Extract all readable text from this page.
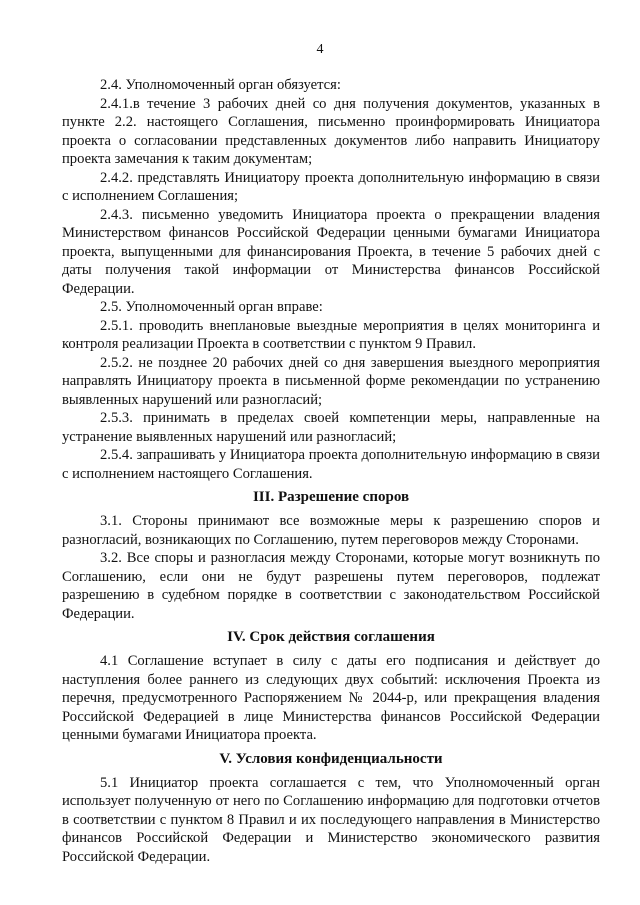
4

2.4. Уполномоченный орган обязуется:

2.4.1.в течение 3 рабочих дней со дня получения документов, указанных в пункте 2.2. настоящего Соглашения, письменно проинформировать Инициатора проекта о согласовании представленных документов либо направить Инициатору проекта замечания к таким документам;

2.4.2. представлять Инициатору проекта дополнительную информацию в связи с исполнением Соглашения;

2.4.3. письменно уведомить Инициатора проекта о прекращении владения Министерством финансов Российской Федерации ценными бумагами Инициатора проекта, выпущенными для финансирования Проекта, в течение 5 рабочих дней с даты получения такой информации от Министерства финансов Российской Федерации.

2.5. Уполномоченный орган вправе:

2.5.1. проводить внеплановые выездные мероприятия в целях мониторинга и контроля реализации Проекта в соответствии с пунктом 9 Правил.

2.5.2. не позднее 20 рабочих дней со дня завершения выездного мероприятия направлять Инициатору проекта в письменной форме рекомендации по устранению выявленных нарушений или разногласий;

2.5.3. принимать в пределах своей компетенции меры, направленные на устранение выявленных нарушений или разногласий;

2.5.4. запрашивать у Инициатора проекта дополнительную информацию в связи с исполнением настоящего Соглашения.

III. Разрешение споров

3.1. Стороны принимают все возможные меры к разрешению споров и разногласий, возникающих по Соглашению, путем переговоров между Сторонами.

3.2. Все споры и разногласия между Сторонами, которые могут возникнуть по Соглашению, если они не будут разрешены путем переговоров, подлежат разрешению в судебном порядке в соответствии с законодательством Российской Федерации.

IV. Срок действия соглашения

4.1 Соглашение вступает в силу с даты его подписания и действует до наступления более раннего из следующих двух событий: исключения Проекта из перечня, предусмотренного Распоряжением № 2044-р, или прекращения владения Российской Федерацией в лице Министерства финансов Российской Федерации ценными бумагами Инициатора проекта.

V. Условия конфиденциальности

5.1 Инициатор проекта соглашается с тем, что Уполномоченный орган использует полученную от него по Соглашению информацию для подготовки отчетов в соответствии с пунктом 8 Правил и их последующего направления в Министерство финансов Российской Федерации и Министерство экономического развития Российской Федерации.
